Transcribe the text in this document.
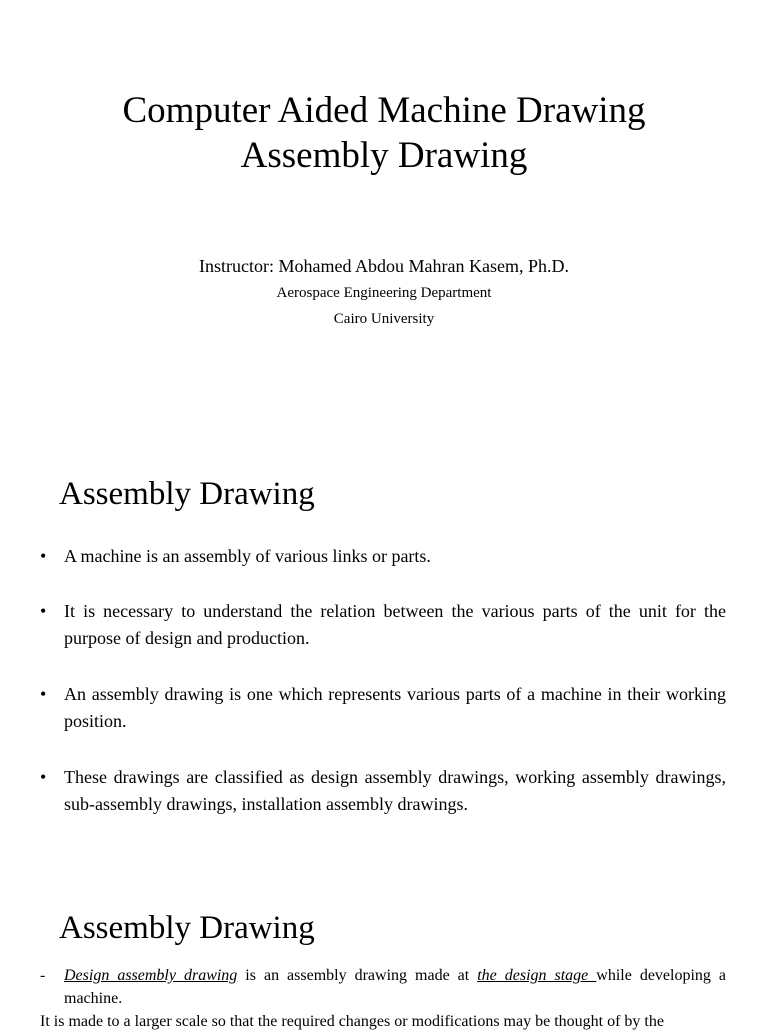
Computer Aided Machine Drawing
Assembly Drawing
Instructor: Mohamed Abdou Mahran Kasem, Ph.D.
Aerospace Engineering Department
Cairo University
Assembly Drawing
• A machine is an assembly of various links or parts.
• It is necessary to understand the relation between the various parts of the unit for the purpose of design and production.
• An assembly drawing is one which represents various parts of a machine in their working position.
• These drawings are classified as design assembly drawings, working assembly drawings, sub-assembly drawings, installation assembly drawings.
Assembly Drawing
- Design assembly drawing is an assembly drawing made at the design stage while developing a machine.
It is made to a larger scale so that the required changes or modifications may be thought of by the
